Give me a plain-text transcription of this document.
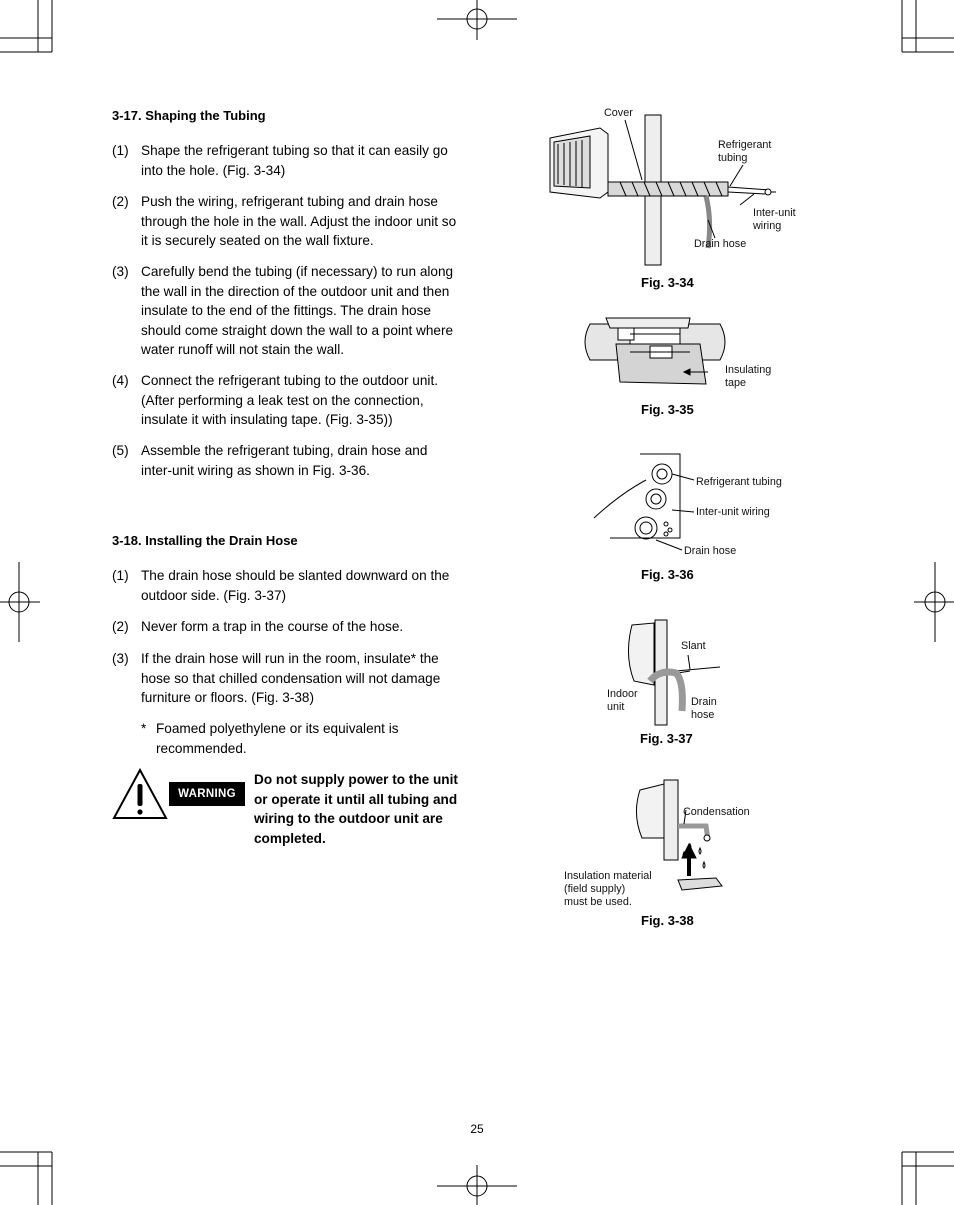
3-17. Shaping the Tubing
(1) Shape the refrigerant tubing so that it can easily go into the hole. (Fig. 3-34)
(2) Push the wiring, refrigerant tubing and drain hose through the hole in the wall. Adjust the indoor unit so it is securely seated on the wall fixture.
(3) Carefully bend the tubing (if necessary) to run along the wall in the direction of the outdoor unit and then insulate to the end of the fittings. The drain hose should come straight down the wall to a point where water runoff will not stain the wall.
(4) Connect the refrigerant tubing to the outdoor unit.(After performing a leak test on the connection, insulate it with insulating tape. (Fig. 3-35))
(5) Assemble the refrigerant tubing, drain hose and inter-unit wiring as shown in Fig. 3-36.
3-18. Installing the Drain Hose
(1) The drain hose should be slanted downward on the outdoor side. (Fig. 3-37)
(2) Never form a trap in the course of the hose.
(3) If the drain hose will run in the room, insulate* the hose so that chilled condensation will not damage furniture or floors. (Fig. 3-38)
* Foamed polyethylene or its equivalent is recommended.
WARNING
Do not supply power to the unit or operate it until all tubing and wiring to the outdoor unit are completed.
Cover
Refrigerant
tubing
Inter-unit
wiring
Drain hose
Fig. 3-34
Insulating
tape
Fig. 3-35
Refrigerant tubing
Inter-unit wiring
Drain hose
Fig. 3-36
Slant
Indoor
unit	Drain
hose
Fig. 3-37
Condensation
Insulation material
(field supply)
must be used.
Fig. 3-38
25
